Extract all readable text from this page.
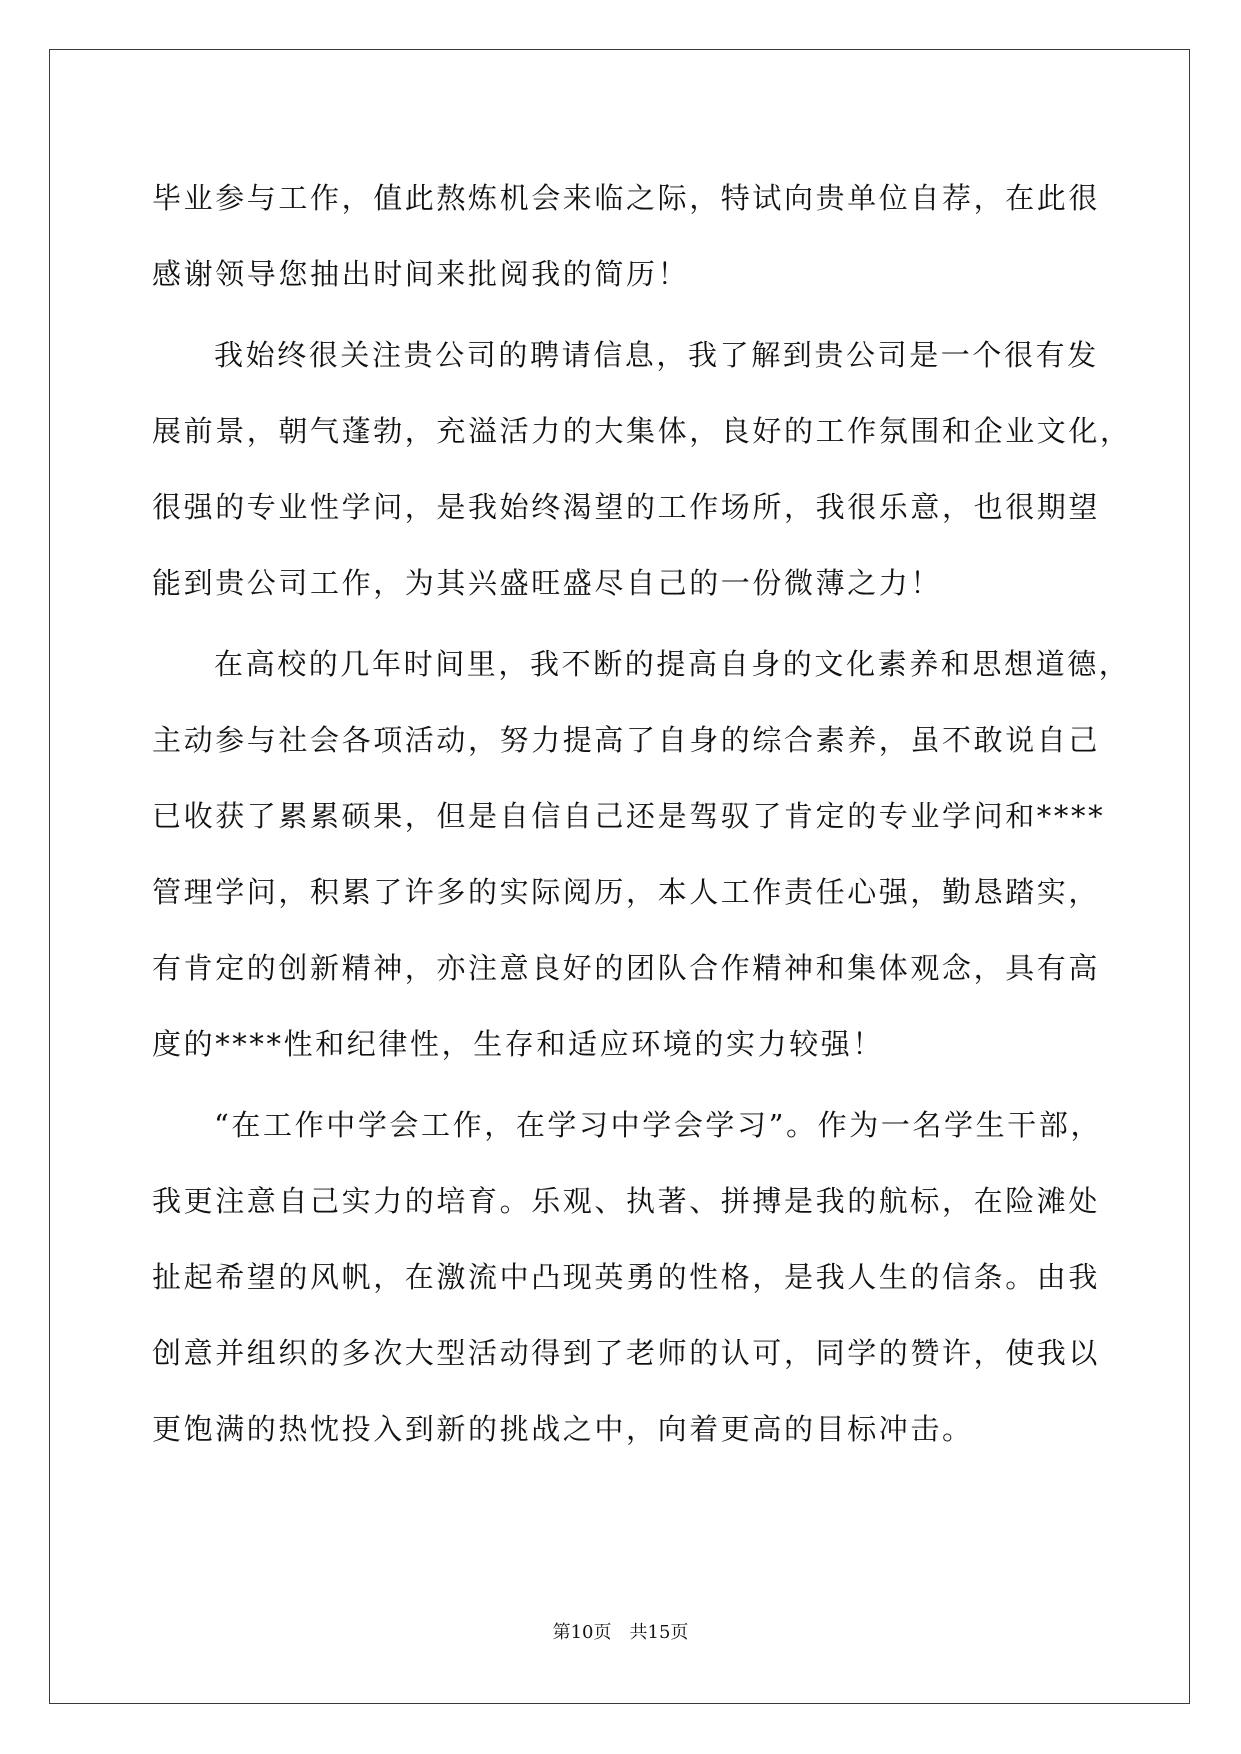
毕业参与工作，值此熬炼机会来临之际，特试向贵单位自荐，在此很
感谢领导您抽出时间来批阅我的简历！
我始终很关注贵公司的聘请信息，我了解到贵公司是一个很有发
展前景，朝气蓬勃，充溢活力的大集体，良好的工作氛围和企业文化，
很强的专业性学问，是我始终渴望的工作场所，我很乐意，也很期望
能到贵公司工作，为其兴盛旺盛尽自己的一份微薄之力！
在高校的几年时间里，我不断的提高自身的文化素养和思想道德，
主动参与社会各项活动，努力提高了自身的综合素养，虽不敢说自己
已收获了累累硕果，但是自信自己还是驾驭了肯定的专业学问和****
管理学问，积累了许多的实际阅历，本人工作责任心强，勤恳踏实，
有肯定的创新精神，亦注意良好的团队合作精神和集体观念，具有高
度的****性和纪律性，生存和适应环境的实力较强！
“在工作中学会工作，在学习中学会学习”。作为一名学生干部，
我更注意自己实力的培育。乐观、执著、拼搏是我的航标，在险滩处
扯起希望的风帆，在激流中凸现英勇的性格，是我人生的信条。由我
创意并组织的多次大型活动得到了老师的认可，同学的赞许，使我以
更饱满的热忱投入到新的挑战之中，向着更高的目标冲击。
第10页　共15页
